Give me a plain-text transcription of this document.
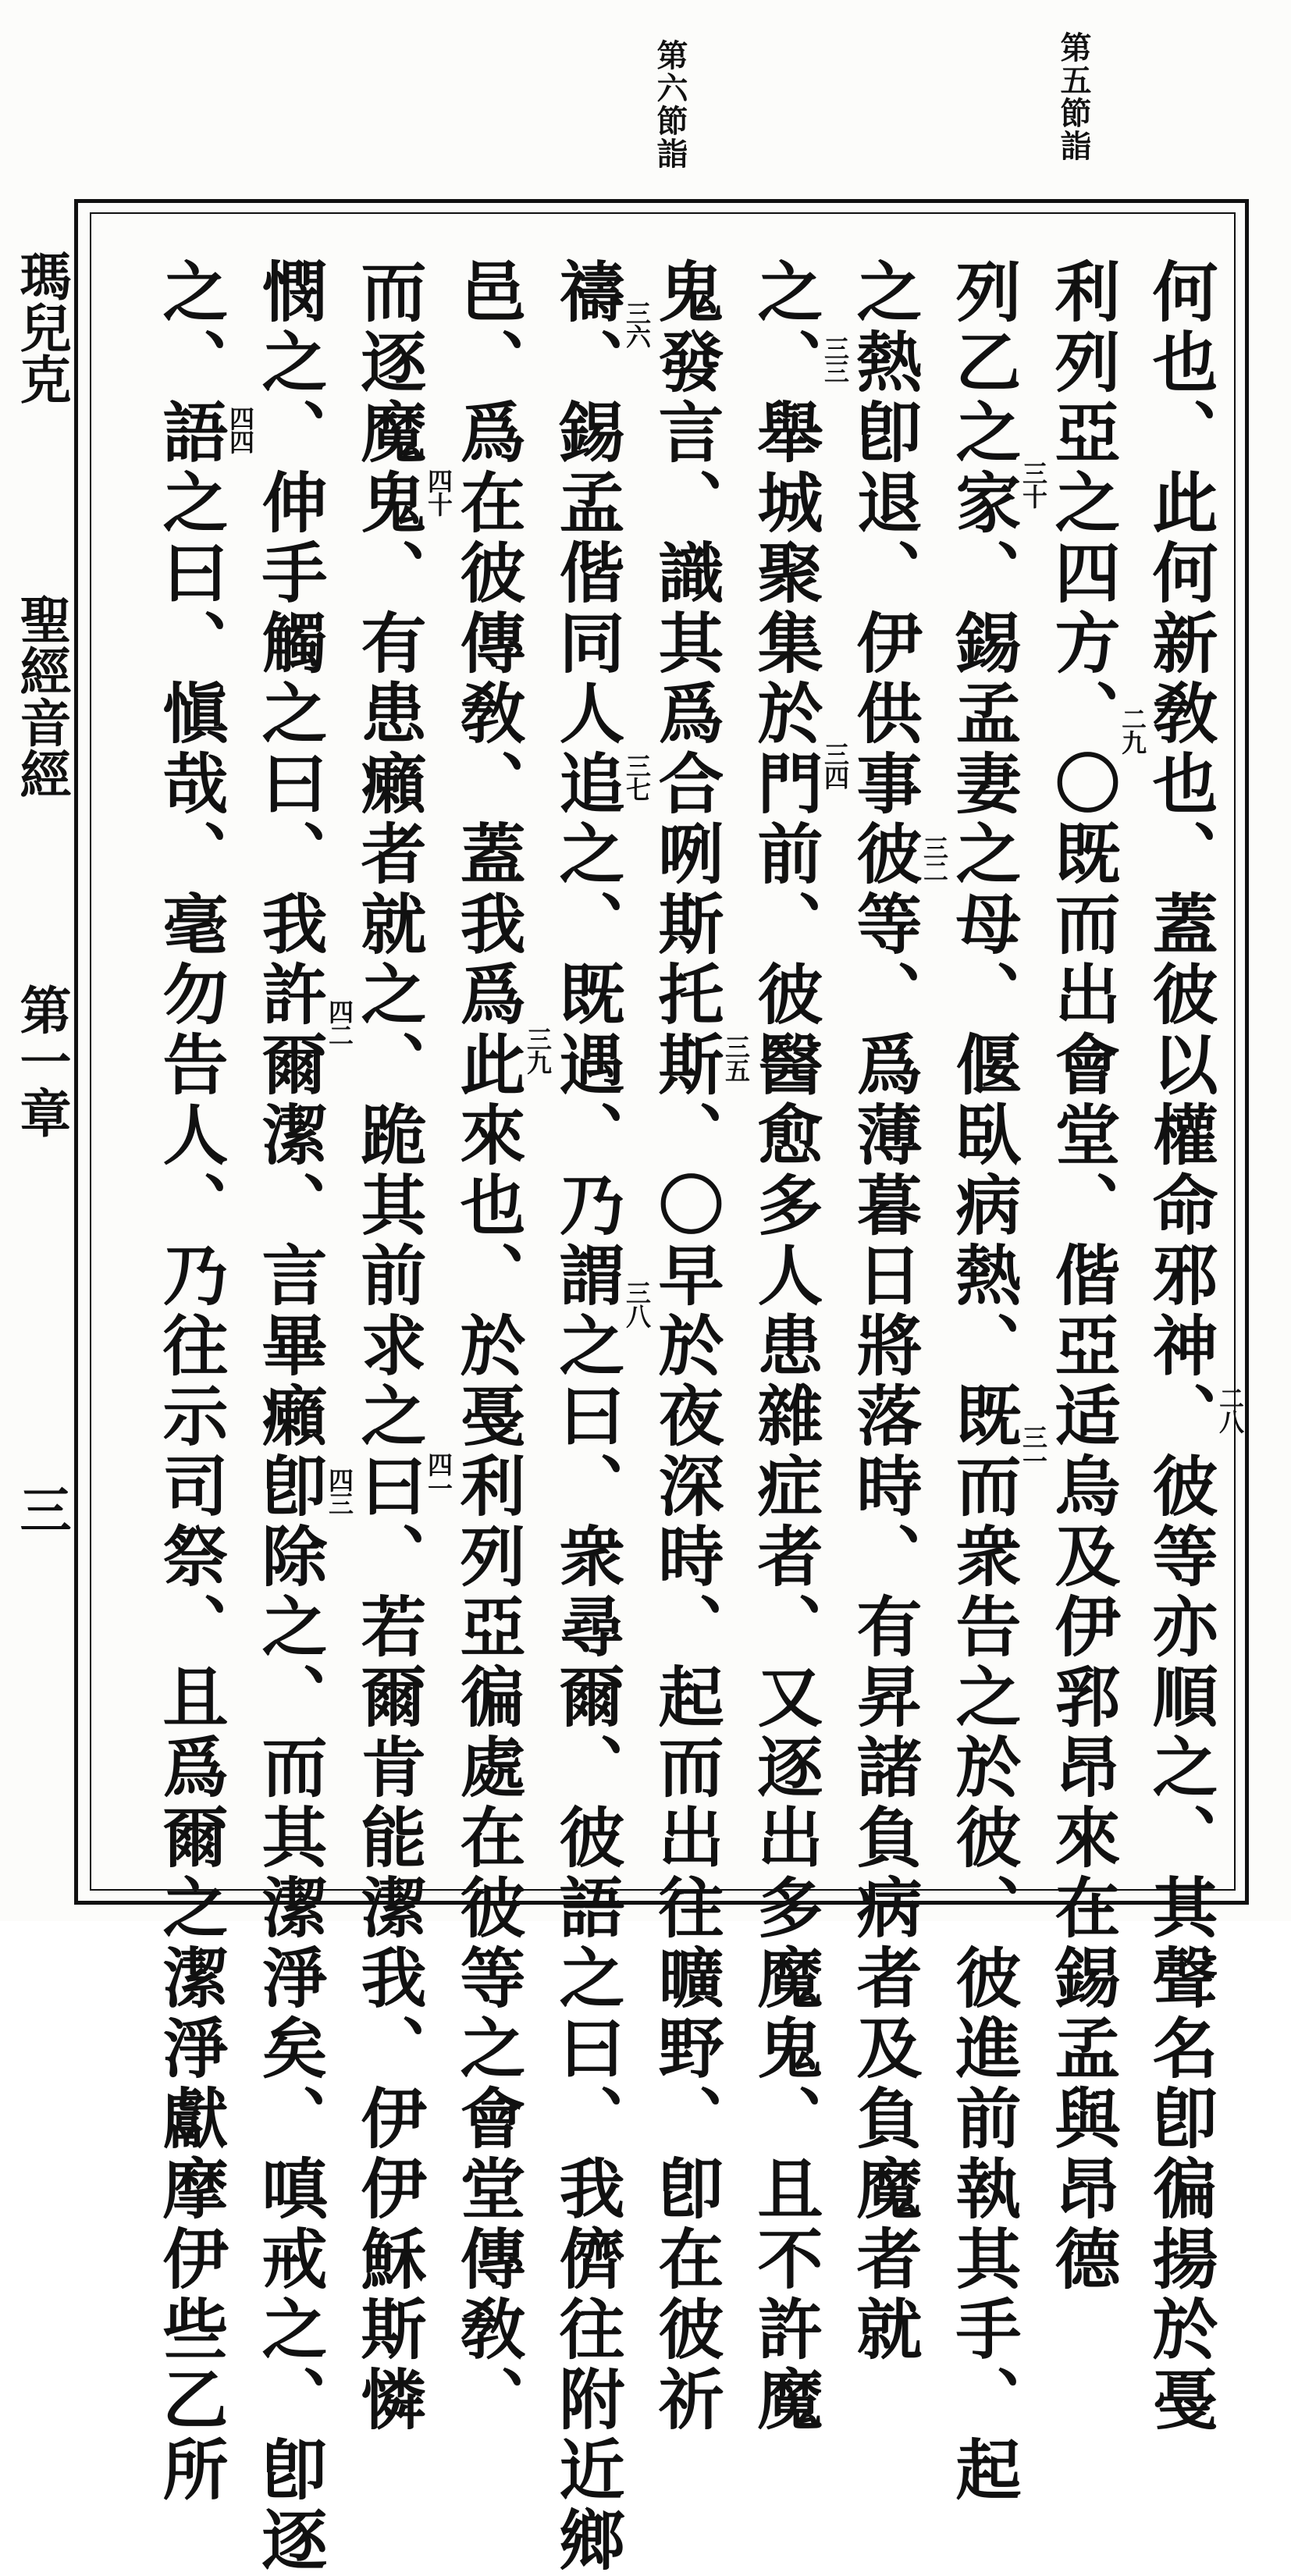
第五節詣
第六節詣
何也、此何新敎也、蓋彼以權命邪神、彼等亦順之、其聲名卽徧揚於戞
利列亞之四方、〇既而出會堂、偕亞适烏及伊郛昂來在錫孟與昂德
列乙之家、錫孟妻之母、偃臥病熱、既而衆告之於彼、彼進前執其手、起
之熱卽退、伊供事彼等、爲薄暮日將落時、有昇諸負病者及負魔者就
之、舉城聚集於門前、彼醫愈多人患雜症者、又逐出多魔鬼、且不許魔
鬼發言、識其爲合咧斯托斯、〇早於夜深時、起而出往曠野、卽在彼祈
禱、錫孟偕同人追之、既遇、乃謂之曰、衆尋爾、彼語之曰、我儕往附近鄉
邑、爲在彼傳敎、蓋我爲此來也、於戞利列亞徧處在彼等之會堂傳敎、
而逐魔鬼、有患癩者就之、跪其前求之曰、若爾肯能潔我、伊伊穌斯憐
憫之、伸手觸之曰、我許爾潔、言畢癩卽除之、而其潔淨矣、嗔戒之、卽逐
之、語之曰、愼哉、毫勿告人、乃往示司祭、且爲爾之潔淨獻摩伊些乙所	二八
二九
三十
三一
三二
三三
三四
三五
三六
三七
三八
三九
四十
四一
四二
四三
四四
瑪兒克
聖經音經
第一章
三
